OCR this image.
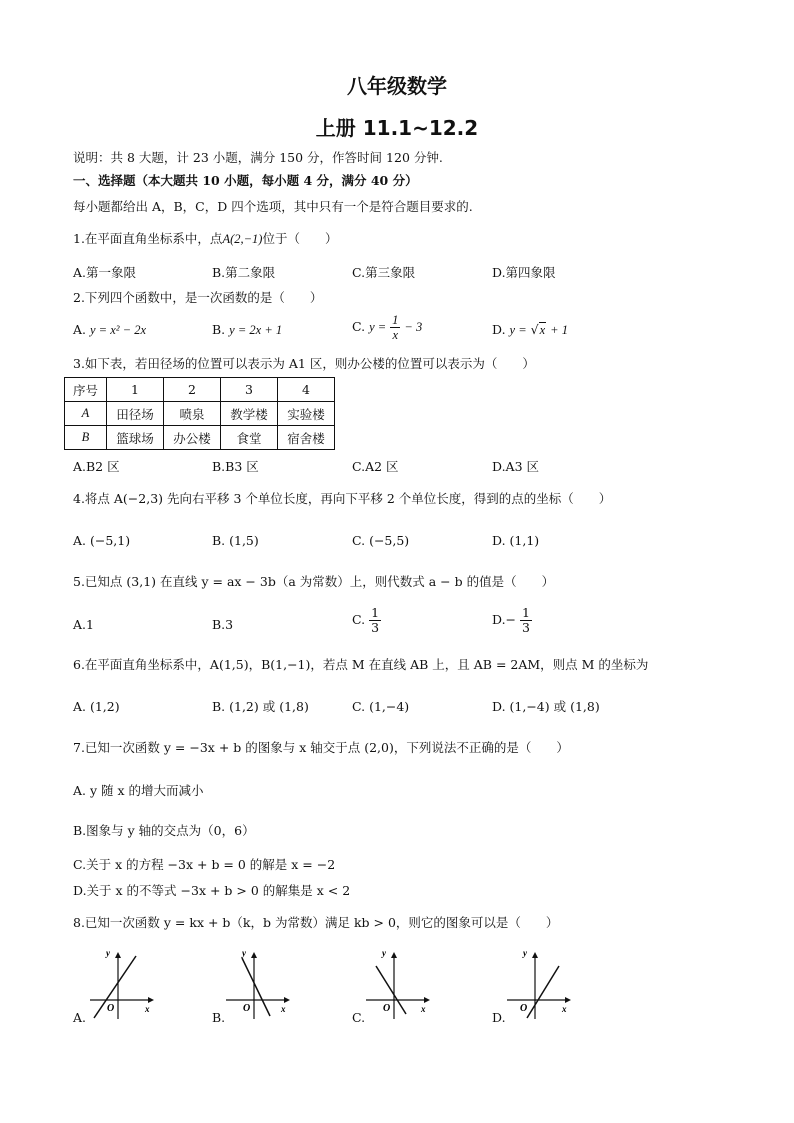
八年级数学
上册 11.1~12.2
说明：共 8 大题，计 23 小题，满分 150 分，作答时间 120 分钟.
一、选择题（本大题共 10 小题，每小题 4 分，满分 40 分）
每小题都给出 A，B，C，D 四个选项，其中只有一个是符合题目要求的.
1.在平面直角坐标系中，点A(2,−1)位于（　　）
A.第一象限	B.第二象限	C.第三象限	D.第四象限
2.下列四个函数中，是一次函数的是（　　）
A. y = x² − 2x	B. y = 2x + 1	C. $y = \frac{1}{x} - 3$	D. y = √x + 1
3.如下表，若田径场的位置可以表示为 A1 区，则办公楼的位置可以表示为（　　）
序号	1	2	3	4
A	田径场	喷泉	教学楼	实验楼
B	篮球场	办公楼	食堂	宿舍楼
A.B2 区	B.B3 区	C.A2 区	D.A3 区
4.将点 A(−2,3) 先向右平移 3 个单位长度，再向下平移 2 个单位长度，得到的点的坐标（　　）
A. (−5,1)	B. (1,5)	C. (−5,5)	D. (1,1)
5.已知点 (3,1) 在直线 y = ax − 3b（a 为常数）上，则代数式 a − b 的值是（　　）
A.1	B.3	C. $\frac{1}{3}$	$D.- \frac{1}{3}$
6.在平面直角坐标系中，A(1,5)，B(1,−1)，若点 M 在直线 AB 上，且 AB = 2AM，则点 M 的坐标为
A. (1,2)	B. (1,2) 或 (1,8)	C. (1,−4)	D. (1,−4) 或 (1,8)
7.已知一次函数 y = −3x + b 的图象与 x 轴交于点 (2,0)，下列说法不正确的是（　　）
A. y 随 x 的增大而减小
B.图象与 y 轴的交点为（0，6）
C.关于 x 的方程 −3x + b = 0 的解是 x = −2
D.关于 x 的不等式 −3x + b > 0 的解集是 x < 2
8.已知一次函数 y = kx + b（k，b 为常数）满足 kb > 0，则它的图象可以是（　　）
A.
y
x
O
B.
y
x
O
C.
y
x
O
D.
y
x
O
